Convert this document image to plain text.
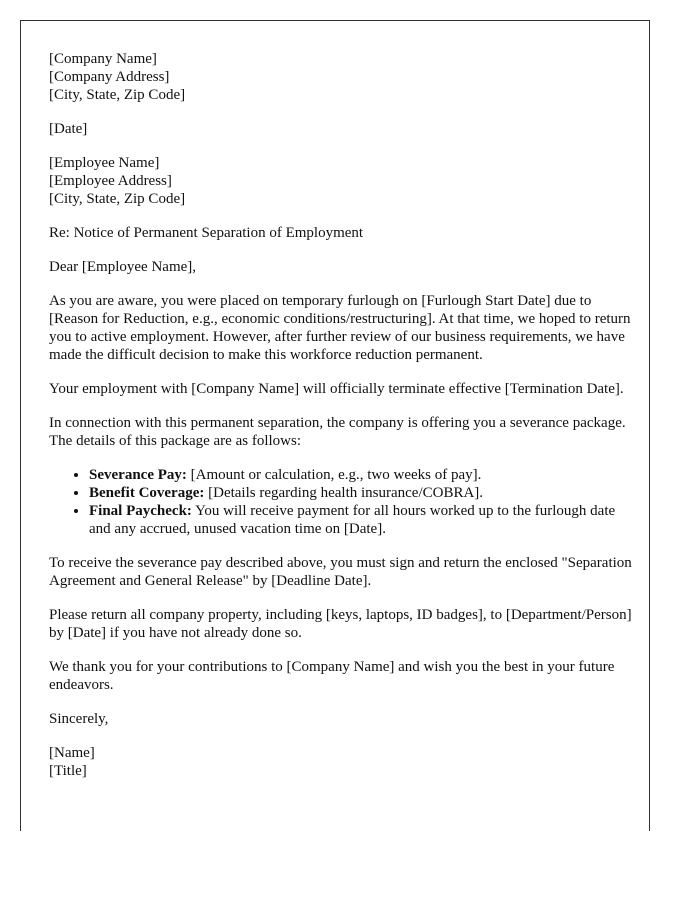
[Company Name]
[Company Address]
[City, State, Zip Code]

[Date]

[Employee Name]
[Employee Address]
[City, State, Zip Code]

Re: Notice of Permanent Separation of Employment

Dear [Employee Name],

As you are aware, you were placed on temporary furlough on [Furlough Start Date] due to [Reason for Reduction, e.g., economic conditions/restructuring]. At that time, we hoped to return you to active employment. However, after further review of our business requirements, we have made the difficult decision to make this workforce reduction permanent.

Your employment with [Company Name] will officially terminate effective [Termination Date].

In connection with this permanent separation, the company is offering you a severance package. The details of this package are as follows:

• Severance Pay: [Amount or calculation, e.g., two weeks of pay].
• Benefit Coverage: [Details regarding health insurance/COBRA].
• Final Paycheck: You will receive payment for all hours worked up to the furlough date and any accrued, unused vacation time on [Date].

To receive the severance pay described above, you must sign and return the enclosed "Separation Agreement and General Release" by [Deadline Date].

Please return all company property, including [keys, laptops, ID badges], to [Department/Person] by [Date] if you have not already done so.

We thank you for your contributions to [Company Name] and wish you the best in your future endeavors.

Sincerely,

[Name]
[Title]
